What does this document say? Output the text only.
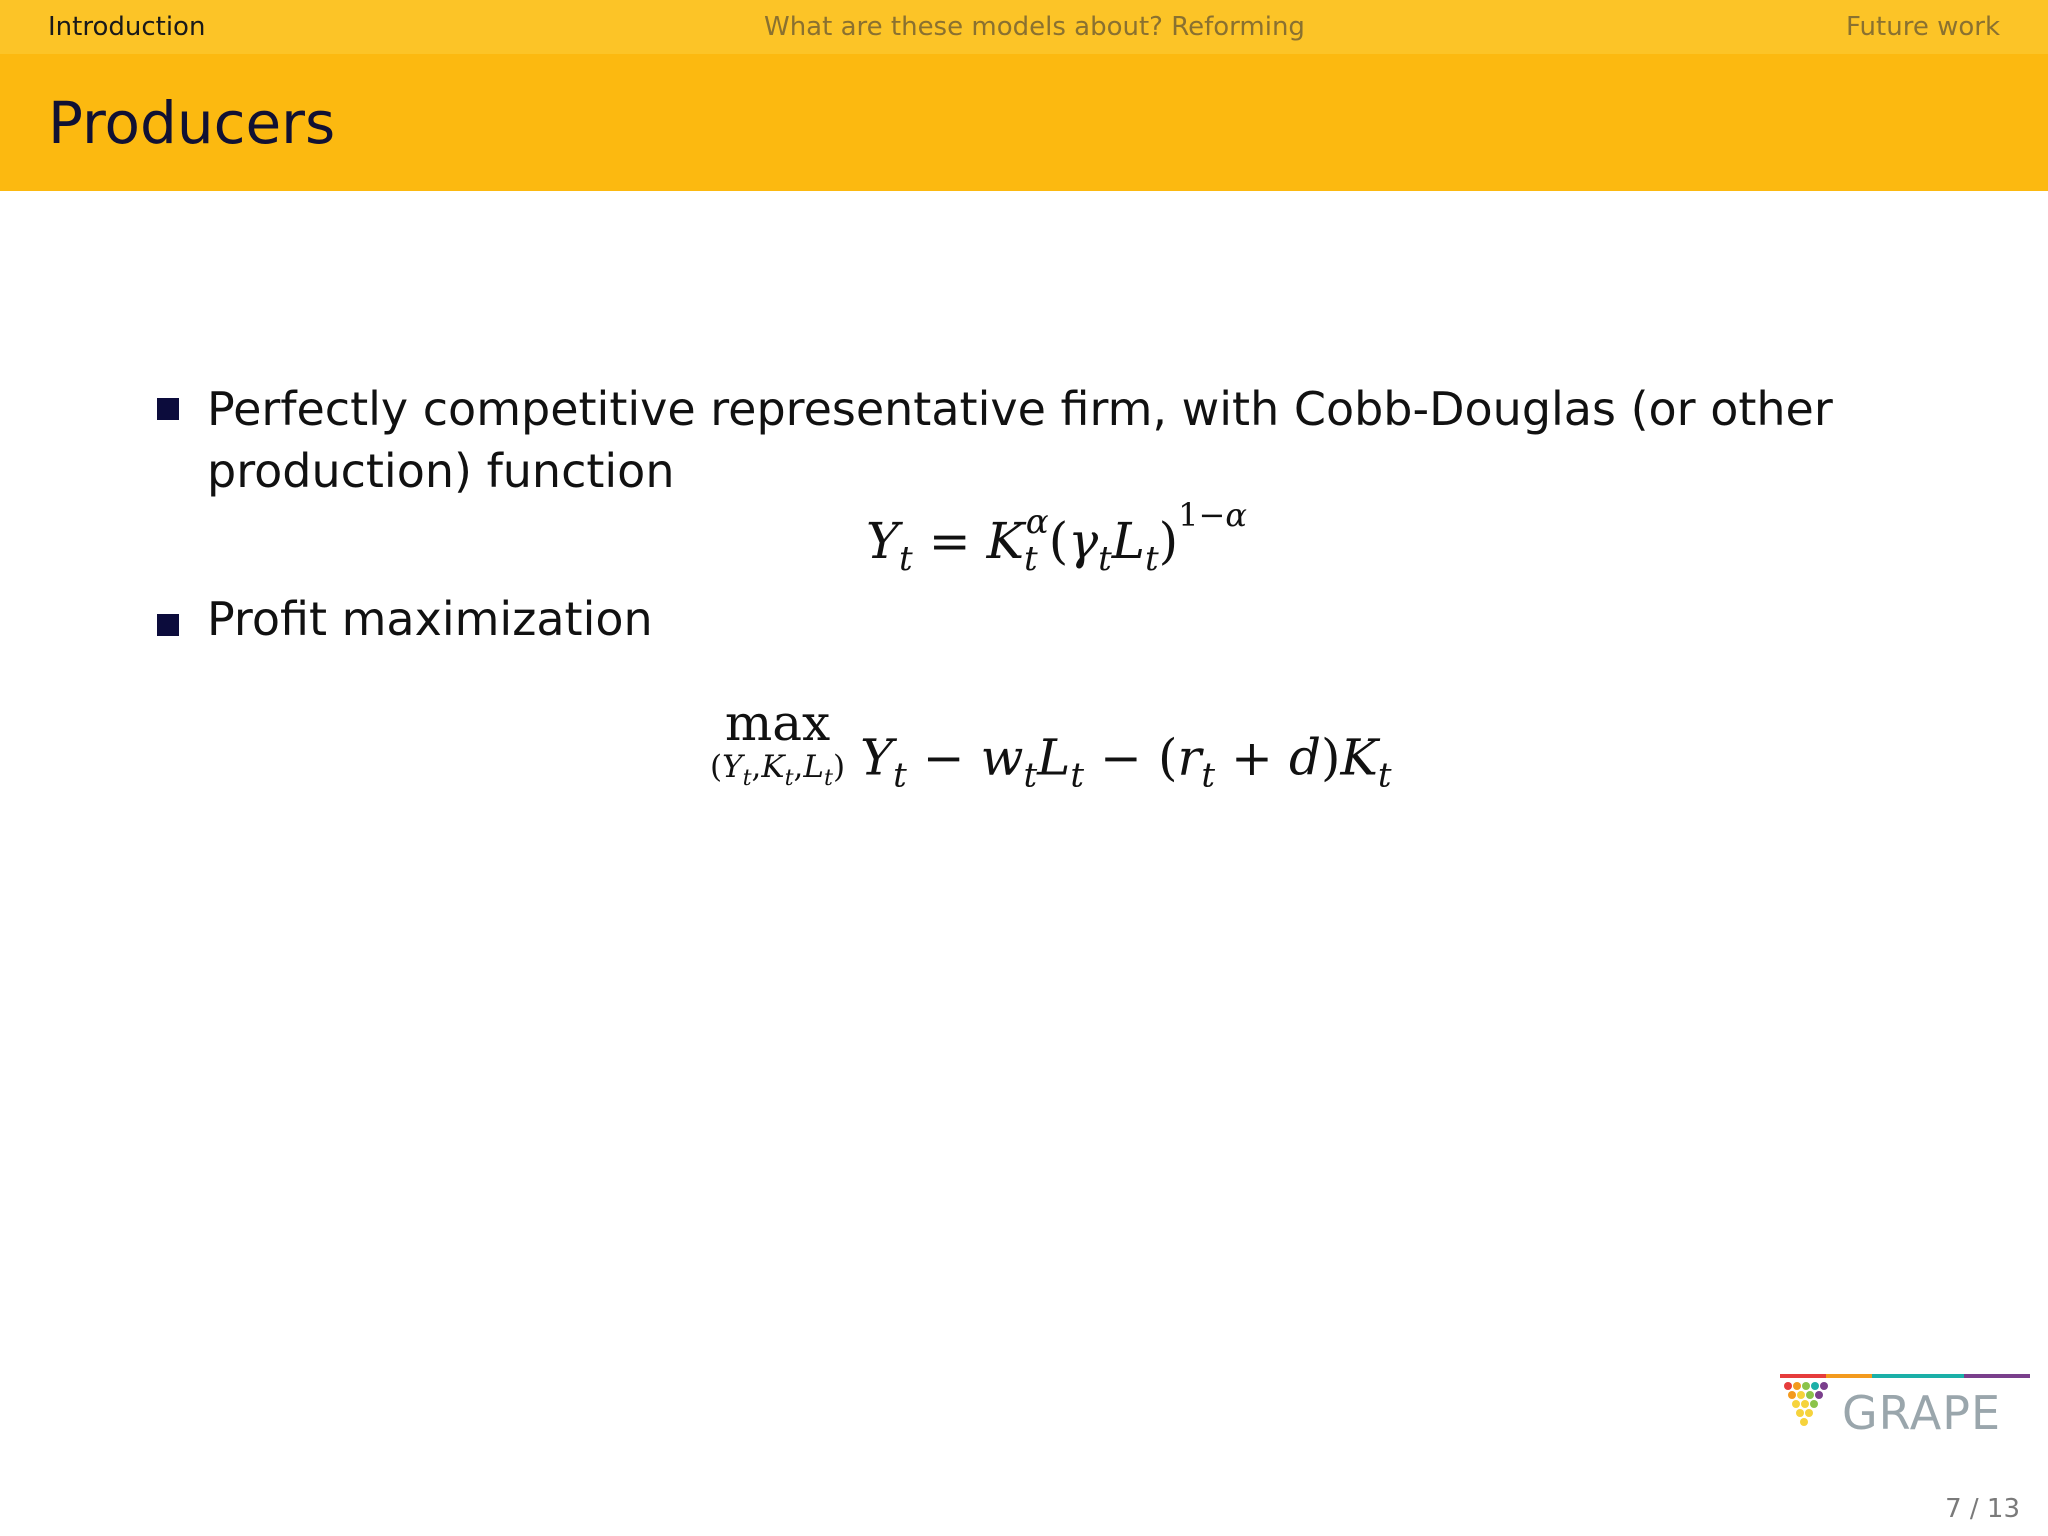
Introduction	What are these models about? Reforming	Future work
Producers
Perfectly competitive representative firm, with Cobb-Douglas (or other
production) function
$Y_t = K_t^\alpha(\gamma_tL_t)^{1-\alpha}$
Profit maximization
max
$(Y_t,K_t,L_t) Y_t - w_tL_t - (r_t + d)K_t$
GRAPE
7 / 13
